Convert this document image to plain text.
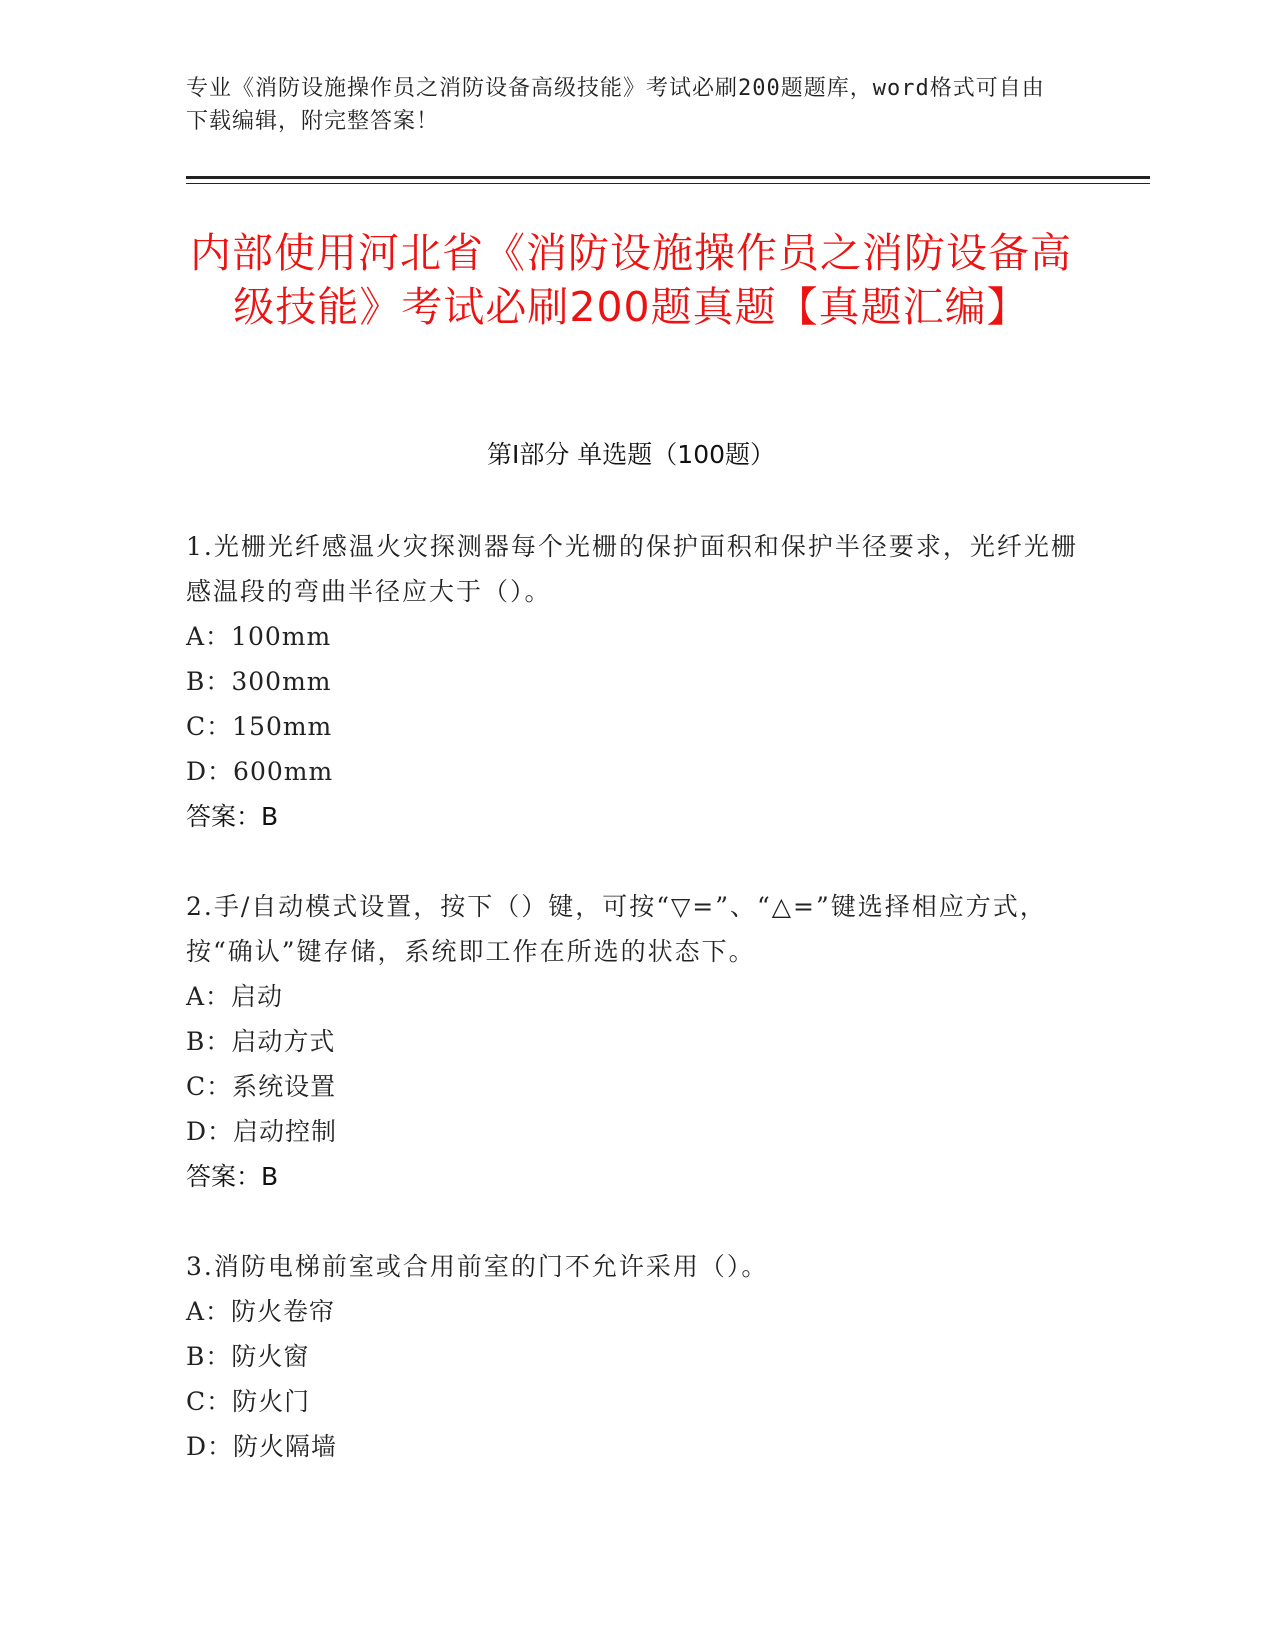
专业《消防设施操作员之消防设备高级技能》考试必刷200题题库，word格式可自由下载编辑，附完整答案！
内部使用河北省《消防设施操作员之消防设备高级技能》考试必刷200题真题【真题汇编】
第I部分 单选题（100题）
1.光栅光纤感温火灾探测器每个光栅的保护面积和保护半径要求，光纤光栅感温段的弯曲半径应大于（）。
A：100mm
B：300mm
C：150mm
D：600mm
答案：B
2.手/自动模式设置，按下（）键，可按“▽=”、“△=”键选择相应方式，按“确认”键存储，系统即工作在所选的状态下。
A：启动
B：启动方式
C：系统设置
D：启动控制
答案：B
3.消防电梯前室或合用前室的门不允许采用（）。
A：防火卷帘
B：防火窗
C：防火门
D：防火隔墙
